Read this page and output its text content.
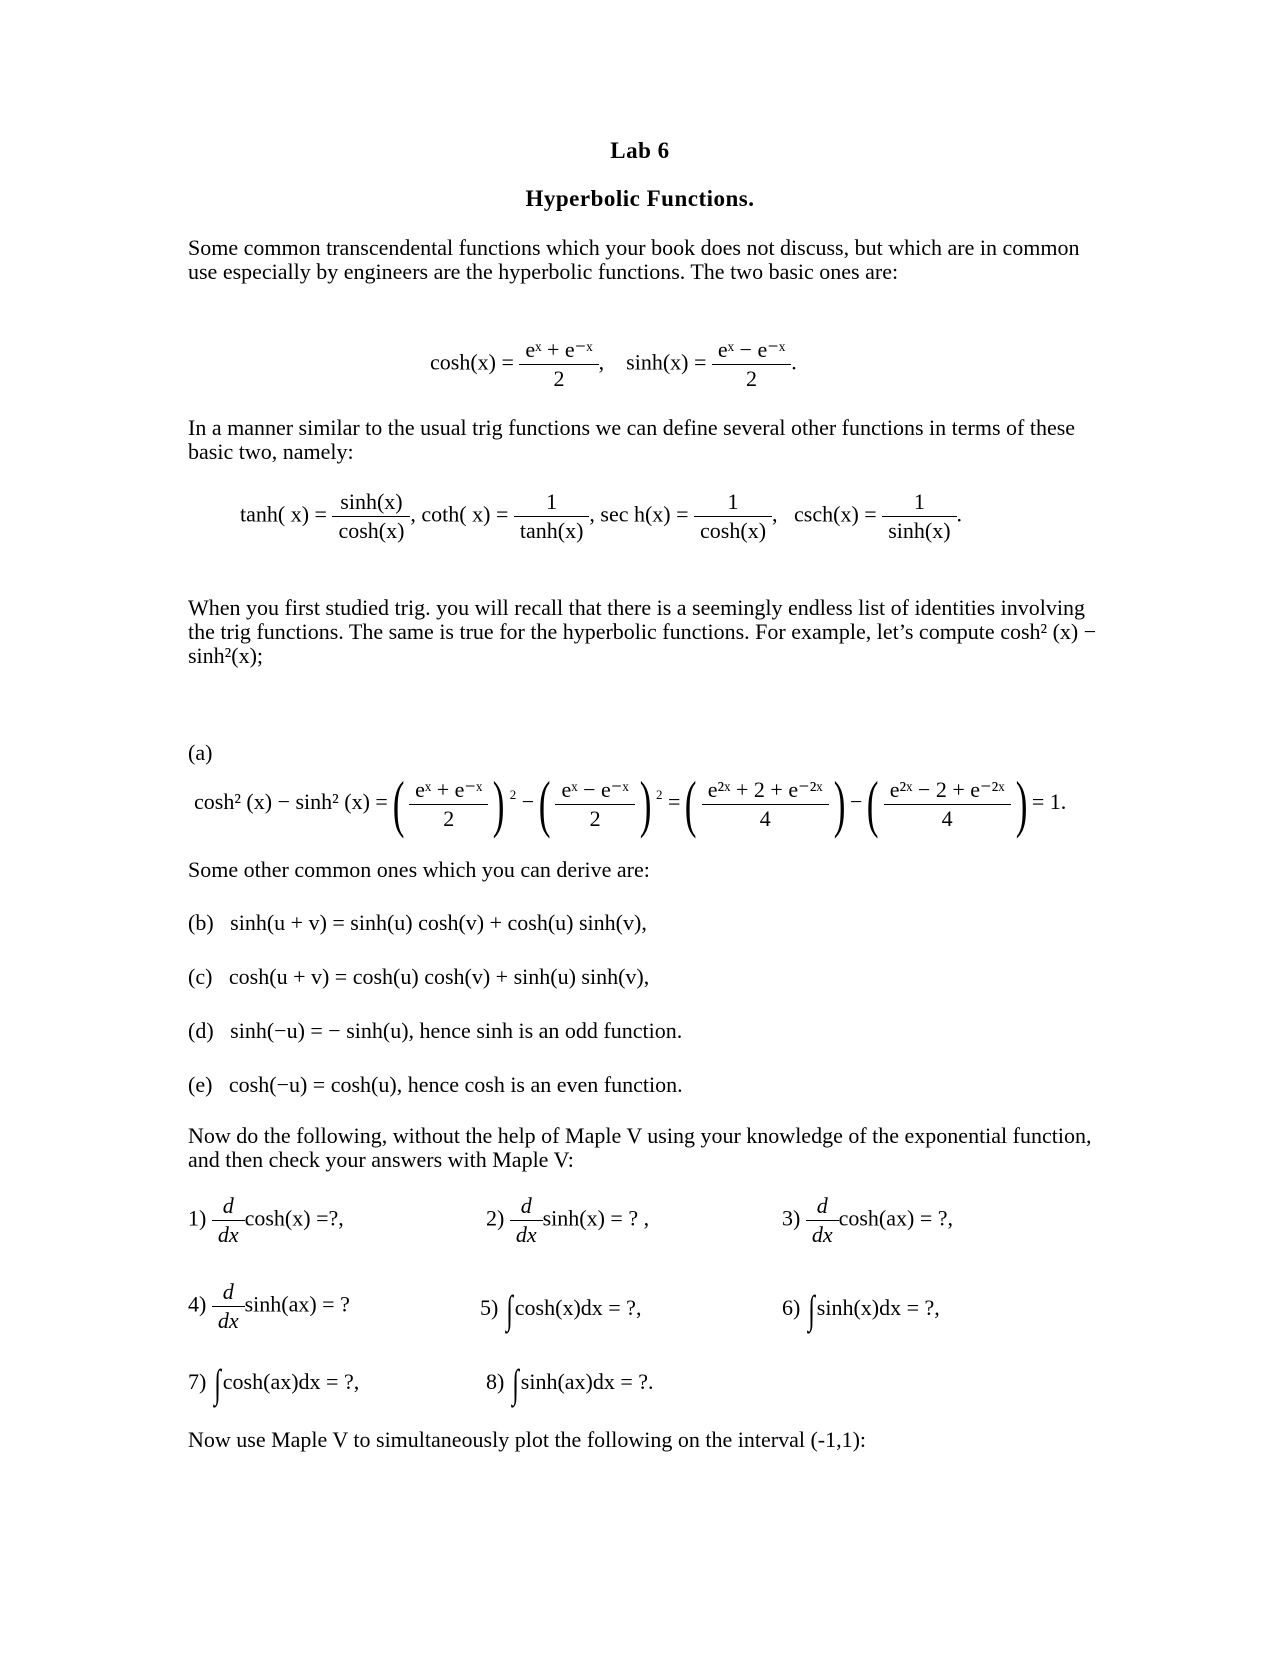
Lab 6
Hyperbolic Functions.
Some common transcendental functions which your book does not discuss, but which are in common use especially by engineers are the hyperbolic functions. The two basic ones are:
$\cosh(x) = \frac{\text{eˣ + e⁻ˣ}}{2}$ ,    $\sinh(x) = \frac{\text{eˣ − e⁻ˣ}}{2}$ .
In a manner similar to the usual trig functions we can define several other functions in terms of these basic two, namely:
tanh( $x) = \frac{\sinh(x)}{\cosh(x)}$ , coth( $x) = \frac{1}{\tanh(x)}$ , $\sec h(x) = \frac{1}{\cosh(x)}$ ,   $\csc h(x) = \frac{1}{\sinh(x)}$ .
When you first studied trig. you will recall that there is a seemingly endless list of identities involving the trig functions. The same is true for the hyperbolic functions. For example, let’s compute cosh² (x) − sinh²(x);
(a)
cosh² (x) − sinh² (x) =( $\frac{\text{eˣ + e⁻ˣ}}{2}$ ) $^2$ −( $\frac{\text{eˣ − e⁻ˣ}}{2}$ ) $^2$ =( $\frac{\text{e²ˣ + 2 + e⁻²ˣ}}{4}$ ) −( $\frac{\text{e²ˣ − 2 + e⁻²ˣ}}{4}$ ) = 1.
Some other common ones which you can derive are:
(b) sinh(u + v) = sinh(u) cosh(v) + cosh(u) sinh(v),
(c) cosh(u + v) = cosh(u) cosh(v) + sinh(u) sinh(v),
(d) sinh(−u) = − sinh(u), hence sinh is an odd function.
(e) cosh(−u) = cosh(u), hence cosh is an even function.
Now do the following, without the help of Maple V using your knowledge of the exponential function, and then check your answers with Maple V:
$1) \frac{d}{dx} \cosh(x)$ =?,	$2) \frac{d}{dx} \sinh(x)$ = ? ,	$3) \frac{d}{dx} \cosh(ax)$ = ?,
$4) \frac{d}{dx} \sinh(ax)$ = ?	5) ∫cosh(x)dx = ?,	6) ∫sinh(x)dx = ?,
7) ∫cosh(ax)dx = ?,	8) ∫sinh(ax)dx = ?.
Now use Maple V to simultaneously plot the following on the interval (-1,1):
